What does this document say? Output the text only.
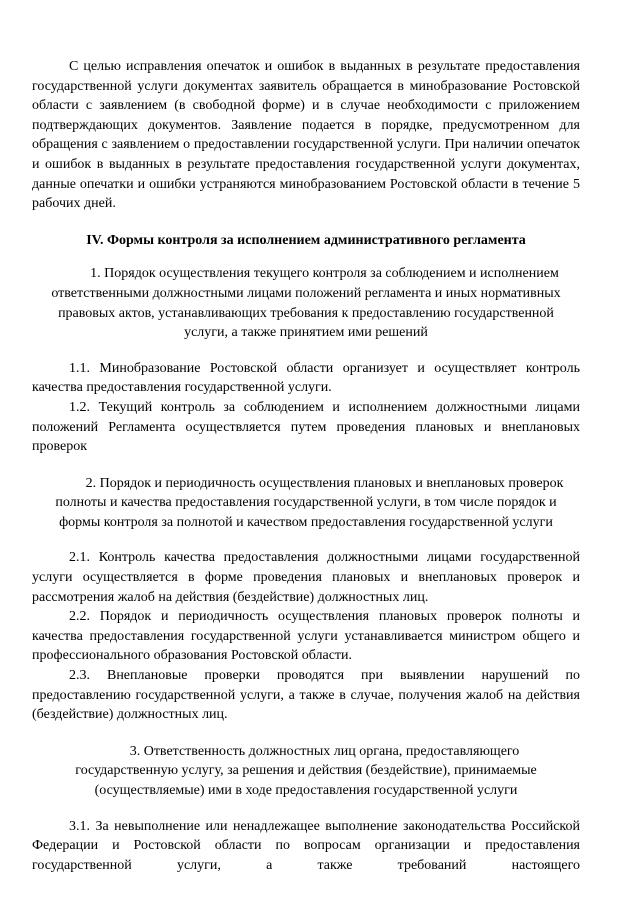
С целью исправления опечаток и ошибок в выданных в результате предоставления государственной услуги документах заявитель обращается в минобразование Ростовской области с заявлением (в свободной форме) и в случае необходимости с приложением подтверждающих документов. Заявление подается в порядке, предусмотренном для обращения с заявлением о предоставлении государственной услуги. При наличии опечаток и ошибок в выданных в результате предоставления государственной услуги документах, данные опечатки и ошибки устраняются минобразованием Ростовской области в течение 5 рабочих дней.

IV. Формы контроля за исполнением административного регламента

1. Порядок осуществления текущего контроля за соблюдением и исполнением ответственными должностными лицами положений регламента и иных нормативных правовых актов, устанавливающих требования к предоставлению государственной услуги, а также принятием ими решений

1.1. Минобразование Ростовской области организует и осуществляет контроль качества предоставления государственной услуги.

1.2. Текущий контроль за соблюдением и исполнением должностными лицами положений Регламента осуществляется путем проведения плановых и внеплановых проверок

2. Порядок и периодичность осуществления плановых и внеплановых проверок полноты и качества предоставления государственной услуги, в том числе порядок и формы контроля за полнотой и качеством предоставления государственной услуги

2.1. Контроль качества предоставления должностными лицами государственной услуги осуществляется в форме проведения плановых и внеплановых проверок и рассмотрения жалоб на действия (бездействие) должностных лиц.

2.2. Порядок и периодичность осуществления плановых проверок полноты и качества предоставления государственной услуги устанавливается министром общего и профессионального образования Ростовской области.

2.3. Внеплановые проверки проводятся при выявлении нарушений по предоставлению государственной услуги, а также в случае, получения жалоб на действия (бездействие) должностных лиц.

3. Ответственность должностных лиц органа, предоставляющего государственную услугу, за решения и действия (бездействие), принимаемые (осуществляемые) ими в ходе предоставления государственной услуги

3.1. За невыполнение или ненадлежащее выполнение законодательства Российской Федерации и Ростовской области по вопросам организации и предоставления государственной услуги, а также требований настоящего
